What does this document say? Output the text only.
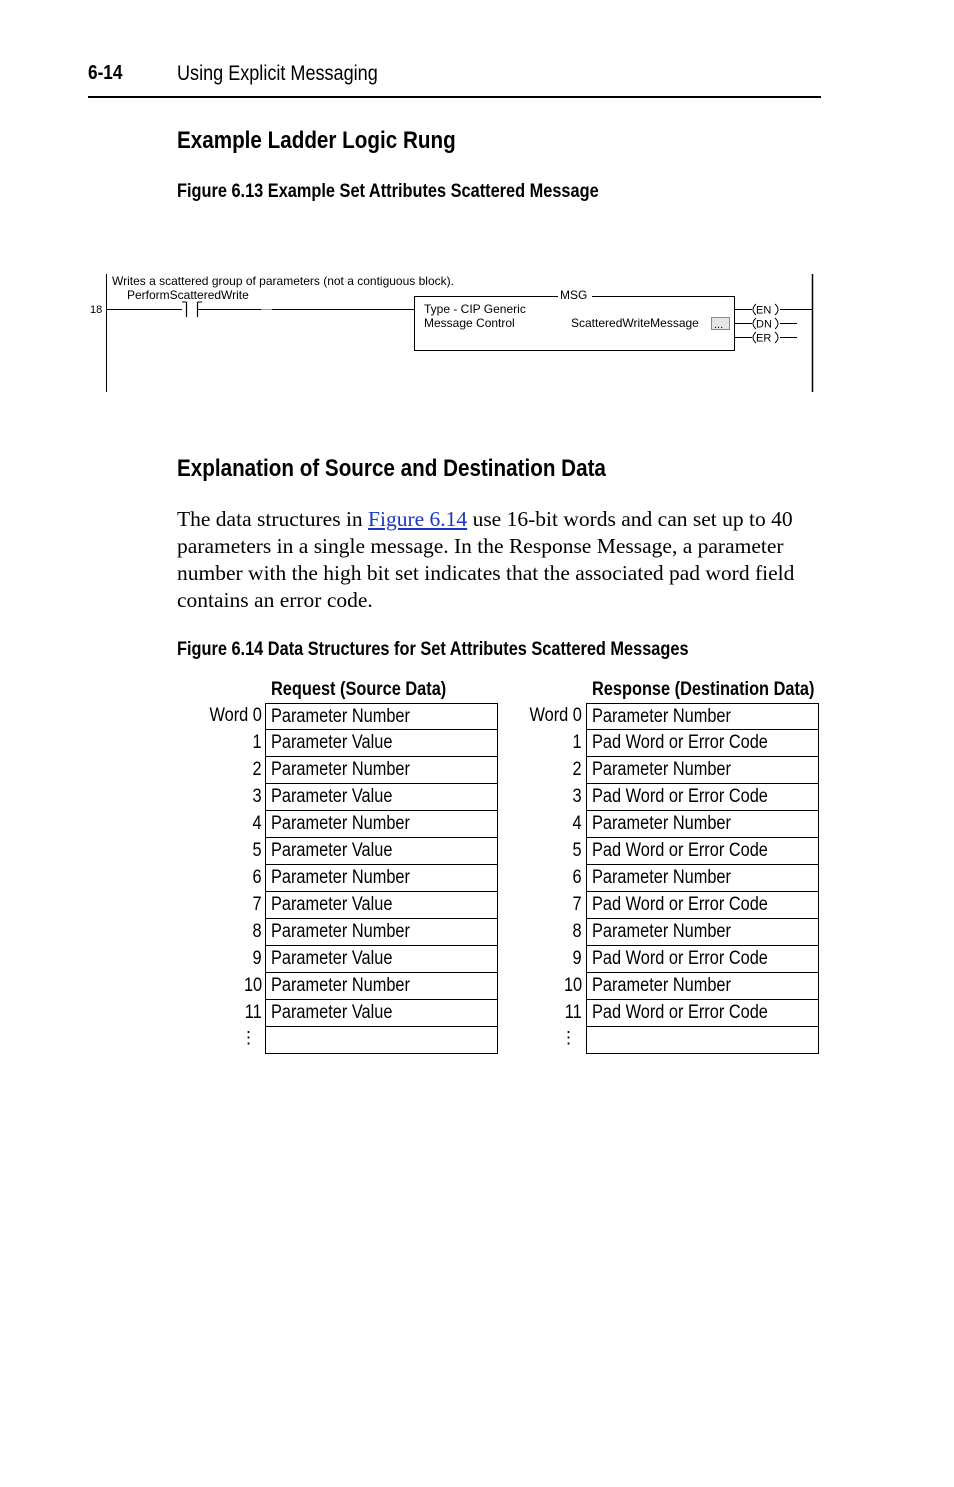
6-14	Using Explicit Messaging
Example Ladder Logic Rung
Figure 6.13 Example Set Attributes Scattered Message
Writes a scattered group of parameters (not a contiguous block).
18
PerformScatteredWrite	MSG
Type - CIP Generic
Message Control	ScatteredWriteMessage ...
EN
DN
ER
Explanation of Source and Destination Data
The data structures in Figure 6.14 use 16-bit words and can set up to 40 parameters in a single message. In the Response Message, a parameter number with the high bit set indicates that the associated pad word field contains an error code.
Figure 6.14 Data Structures for Set Attributes Scattered Messages
Request (Source Data)	Response (Destination Data)
Word 0 Parameter Number
1 Parameter Value
2 Parameter Number
3 Parameter Value
4 Parameter Number
5 Parameter Value
6 Parameter Number
7 Parameter Value
8 Parameter Number
9 Parameter Value
10 Parameter Number
11 Parameter Value
⋮
Word 0 Parameter Number
1 Pad Word or Error Code
2 Parameter Number
3 Pad Word or Error Code
4 Parameter Number
5 Pad Word or Error Code
6 Parameter Number
7 Pad Word or Error Code
8 Parameter Number
9 Pad Word or Error Code
10 Parameter Number
11 Pad Word or Error Code
⋮
